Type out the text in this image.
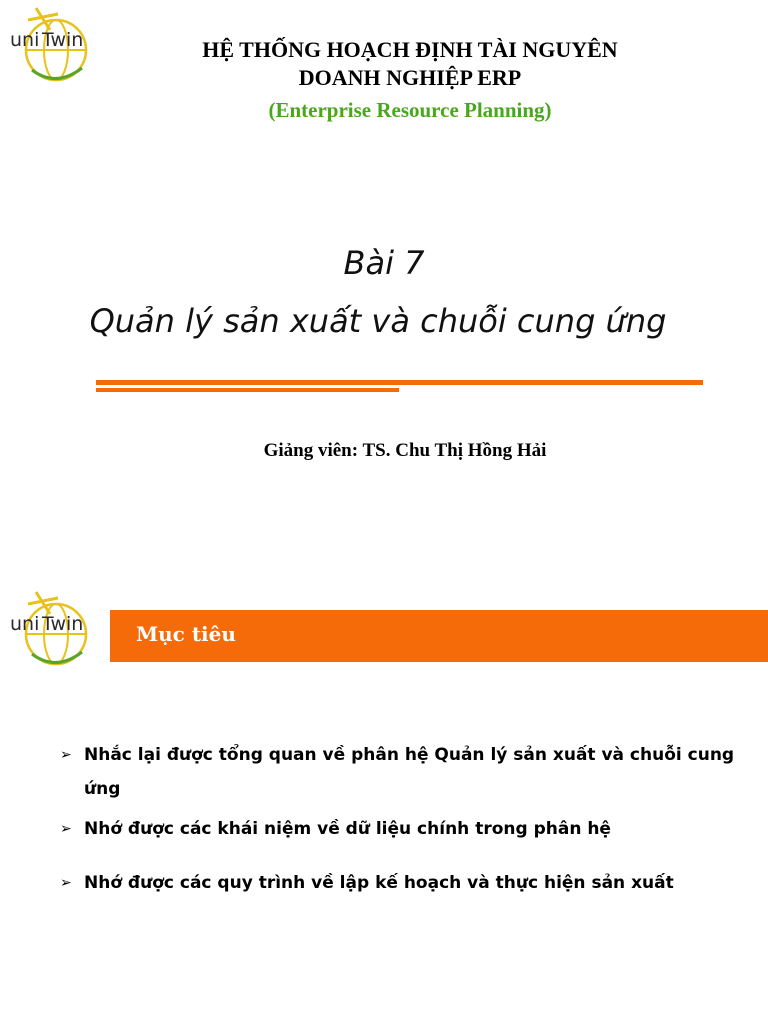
uni Twin	HỆ THỐNG HOẠCH ĐỊNH TÀI NGUYÊN
DOANH NGHIỆP ERP
(Enterprise Resource Planning)
Bài 7
Quản lý sản xuất và chuỗi cung ứng
Giảng viên: TS. Chu Thị Hồng Hải
uni Twin	Mục tiêu
➢ Nhắc lại được tổng quan về phân hệ Quản lý sản xuất và chuỗi cung ứng
➢ Nhớ được các khái niệm về dữ liệu chính trong phân hệ
➢ Nhớ được các quy trình về lập kế hoạch và thực hiện sản xuất
